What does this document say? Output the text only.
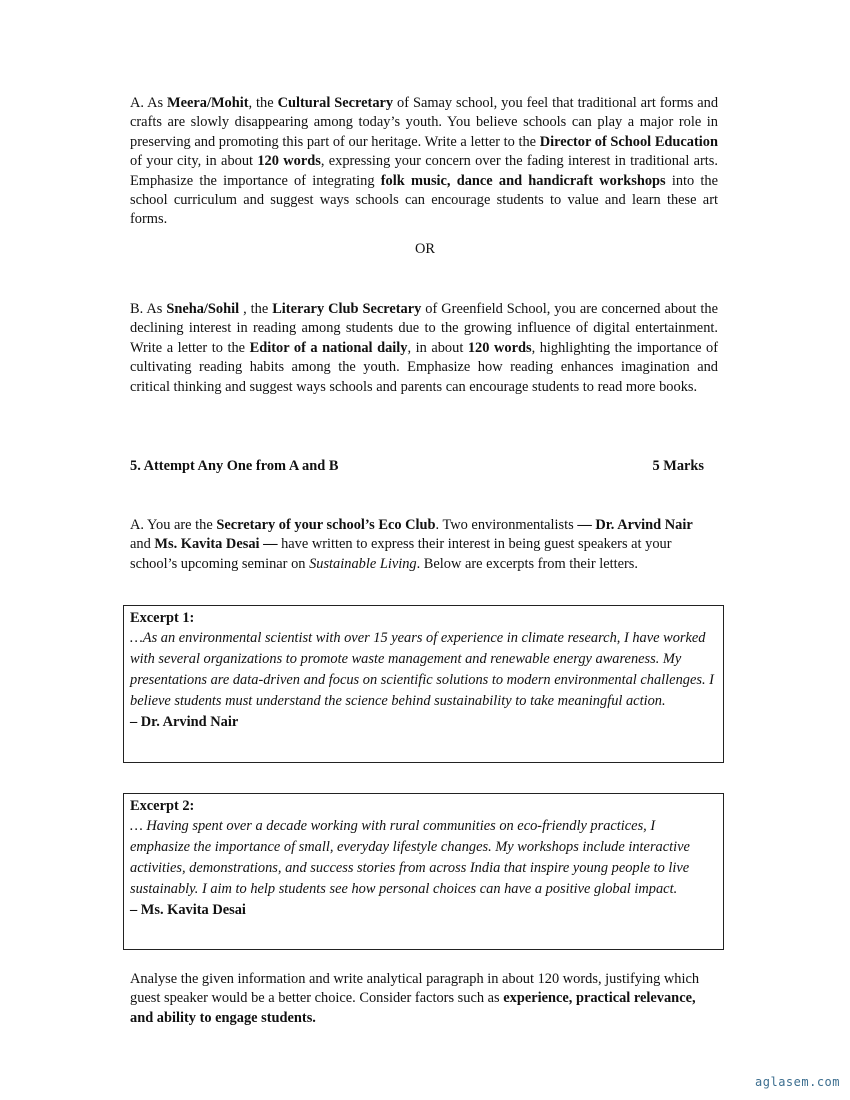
A. As Meera/Mohit, the Cultural Secretary of Samay school, you feel that traditional art forms and crafts are slowly disappearing among today’s youth. You believe schools can play a major role in preserving and promoting this part of our heritage. Write a letter to the Director of School Education of your city, in about 120 words, expressing your concern over the fading interest in traditional arts. Emphasize the importance of integrating folk music, dance and handicraft workshops into the school curriculum and suggest ways schools can encourage students to value and learn these art forms.

OR

B. As Sneha/Sohil , the Literary Club Secretary of Greenfield School, you are concerned about the declining interest in reading among students due to the growing influence of digital entertainment. Write a letter to the Editor of a national daily, in about 120 words, highlighting the importance of cultivating reading habits among the youth. Emphasize how reading enhances imagination and critical thinking and suggest ways schools and parents can encourage students to read more books.

5. Attempt Any One from A and B	5 Marks

A. You are the Secretary of your school’s Eco Club. Two environmentalists — Dr. Arvind Nair and Ms. Kavita Desai — have written to express their interest in being guest speakers at your school’s upcoming seminar on Sustainable Living. Below are excerpts from their letters.

Excerpt 1:

…As an environmental scientist with over 15 years of experience in climate research, I have worked with several organizations to promote waste management and renewable energy awareness. My presentations are data-driven and focus on scientific solutions to modern environmental challenges. I believe students must understand the science behind sustainability to take meaningful action.

– Dr. Arvind Nair
Excerpt 2:

… Having spent over a decade working with rural communities on eco-friendly practices, I emphasize the importance of small, everyday lifestyle changes. My workshops include interactive activities, demonstrations, and success stories from across India that inspire young people to live sustainably. I aim to help students see how personal choices can have a positive global impact.

– Ms. Kavita Desai

Analyse the given information and write analytical paragraph in about 120 words, justifying which guest speaker would be a better choice. Consider factors such as experience, practical relevance, and ability to engage students.

aglasem.com
